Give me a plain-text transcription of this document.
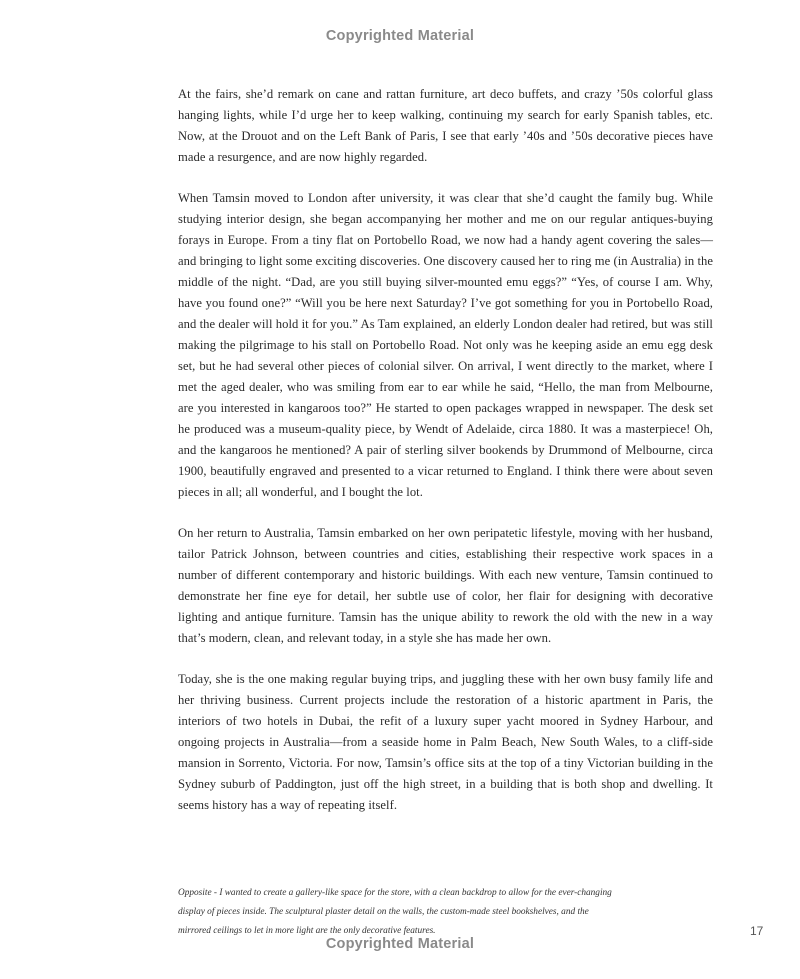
Copyrighted Material

At the fairs, she’d remark on cane and rattan furniture, art deco buffets, and crazy ’50s colorful glass hanging lights, while I’d urge her to keep walking, continuing my search for early Spanish tables, etc. Now, at the Drouot and on the Left Bank of Paris, I see that early ’40s and ’50s decorative pieces have made a resurgence, and are now highly regarded.

When Tamsin moved to London after university, it was clear that she’d caught the family bug. While studying interior design, she began accompanying her mother and me on our regular antiques-buying forays in Europe. From a tiny flat on Portobello Road, we now had a handy agent covering the sales—and bringing to light some exciting discoveries. One discovery caused her to ring me (in Australia) in the middle of the night. “Dad, are you still buying silver-mounted emu eggs?” “Yes, of course I am. Why, have you found one?” “Will you be here next Saturday? I’ve got something for you in Portobello Road, and the dealer will hold it for you.” As Tam explained, an elderly London dealer had retired, but was still making the pilgrimage to his stall on Portobello Road. Not only was he keeping aside an emu egg desk set, but he had several other pieces of colonial silver. On arrival, I went directly to the market, where I met the aged dealer, who was smiling from ear to ear while he said, “Hello, the man from Melbourne, are you interested in kangaroos too?” He started to open packages wrapped in newspaper. The desk set he produced was a museum-quality piece, by Wendt of Adelaide, circa 1880. It was a masterpiece! Oh, and the kangaroos he mentioned? A pair of sterling silver bookends by Drummond of Melbourne, circa 1900, beautifully engraved and presented to a vicar returned to England. I think there were about seven pieces in all; all wonderful, and I bought the lot.

On her return to Australia, Tamsin embarked on her own peripatetic lifestyle, moving with her husband, tailor Patrick Johnson, between countries and cities, establishing their respective work spaces in a number of different contemporary and historic buildings. With each new venture, Tamsin continued to demonstrate her fine eye for detail, her subtle use of color, her flair for designing with decorative lighting and antique furniture. Tamsin has the unique ability to rework the old with the new in a way that’s modern, clean, and relevant today, in a style she has made her own.

Today, she is the one making regular buying trips, and juggling these with her own busy family life and her thriving business. Current projects include the restoration of a historic apartment in Paris, the interiors of two hotels in Dubai, the refit of a luxury super yacht moored in Sydney Harbour, and ongoing projects in Australia—from a seaside home in Palm Beach, New South Wales, to a cliff-side mansion in Sorrento, Victoria. For now, Tamsin’s office sits at the top of a tiny Victorian building in the Sydney suburb of Paddington, just off the high street, in a building that is both shop and dwelling. It seems history has a way of repeating itself.

Opposite - I wanted to create a gallery-like space for the store, with a clean backdrop to allow for the ever-changing display of pieces inside. The sculptural plaster detail on the walls, the custom-made steel bookshelves, and the mirrored ceilings to let in more light are the only decorative features.	17
Copyrighted Material
